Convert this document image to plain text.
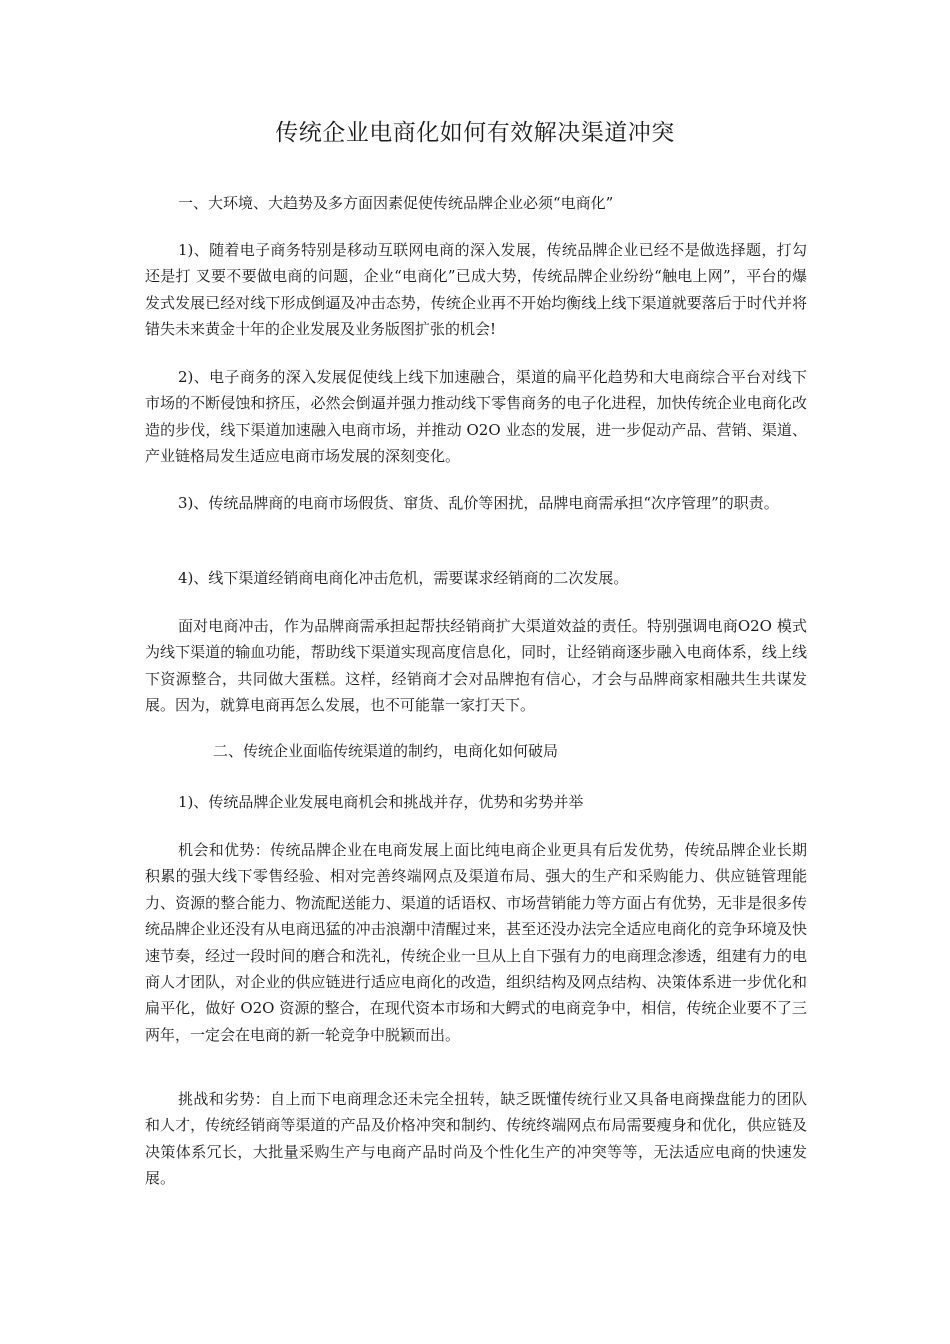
传统企业电商化如何有效解决渠道冲突

一、大环境、大趋势及多方面因素促使传统品牌企业必须“电商化”

1)、随着电子商务特别是移动互联网电商的深入发展，传统品牌企业已经不是做选择题，打勾还是打 叉要不要做电商的问题，企业“电商化”已成大势，传统品牌企业纷纷“触电上网”，平台的爆发式发展已经对线下形成倒逼及冲击态势，传统企业再不开始均衡线上线下渠道就要落后于时代并将错失未来黄金十年的企业发展及业务版图扩张的机会!

2)、电子商务的深入发展促使线上线下加速融合，渠道的扁平化趋势和大电商综合平台对线下市场的不断侵蚀和挤压，必然会倒逼并强力推动线下零售商务的电子化进程，加快传统企业电商化改造的步伐，线下渠道加速融入电商市场，并推动 O2O 业态的发展，进一步促动产品、营销、渠道、产业链格局发生适应电商市场发展的深刻变化。

3)、传统品牌商的电商市场假货、窜货、乱价等困扰，品牌电商需承担“次序管理”的职责。

4)、线下渠道经销商电商化冲击危机，需要谋求经销商的二次发展。

面对电商冲击，作为品牌商需承担起帮扶经销商扩大渠道效益的责任。特别强调电商O2O 模式为线下渠道的输血功能，帮助线下渠道实现高度信息化，同时，让经销商逐步融入电商体系，线上线下资源整合，共同做大蛋糕。这样，经销商才会对品牌抱有信心，才会与品牌商家相融共生共谋发展。因为，就算电商再怎么发展，也不可能靠一家打天下。

二、传统企业面临传统渠道的制约，电商化如何破局

1)、传统品牌企业发展电商机会和挑战并存，优势和劣势并举

机会和优势：传统品牌企业在电商发展上面比纯电商企业更具有后发优势，传统品牌企业长期积累的强大线下零售经验、相对完善终端网点及渠道布局、强大的生产和采购能力、供应链管理能力、资源的整合能力、物流配送能力、渠道的话语权、市场营销能力等方面占有优势，无非是很多传统品牌企业还没有从电商迅猛的冲击浪潮中清醒过来，甚至还没办法完全适应电商化的竞争环境及快速节奏，经过一段时间的磨合和洗礼，传统企业一旦从上自下强有力的电商理念渗透，组建有力的电商人才团队，对企业的供应链进行适应电商化的改造，组织结构及网点结构、决策体系进一步优化和扁平化，做好 O2O 资源的整合，在现代资本市场和大鳄式的电商竞争中，相信，传统企业要不了三两年，一定会在电商的新一轮竞争中脱颖而出。

挑战和劣势：自上而下电商理念还未完全扭转，缺乏既懂传统行业又具备电商操盘能力的团队和人才，传统经销商等渠道的产品及价格冲突和制约、传统终端网点布局需要瘦身和优化，供应链及决策体系冗长，大批量采购生产与电商产品时尚及个性化生产的冲突等等，无法适应电商的快速发展。
